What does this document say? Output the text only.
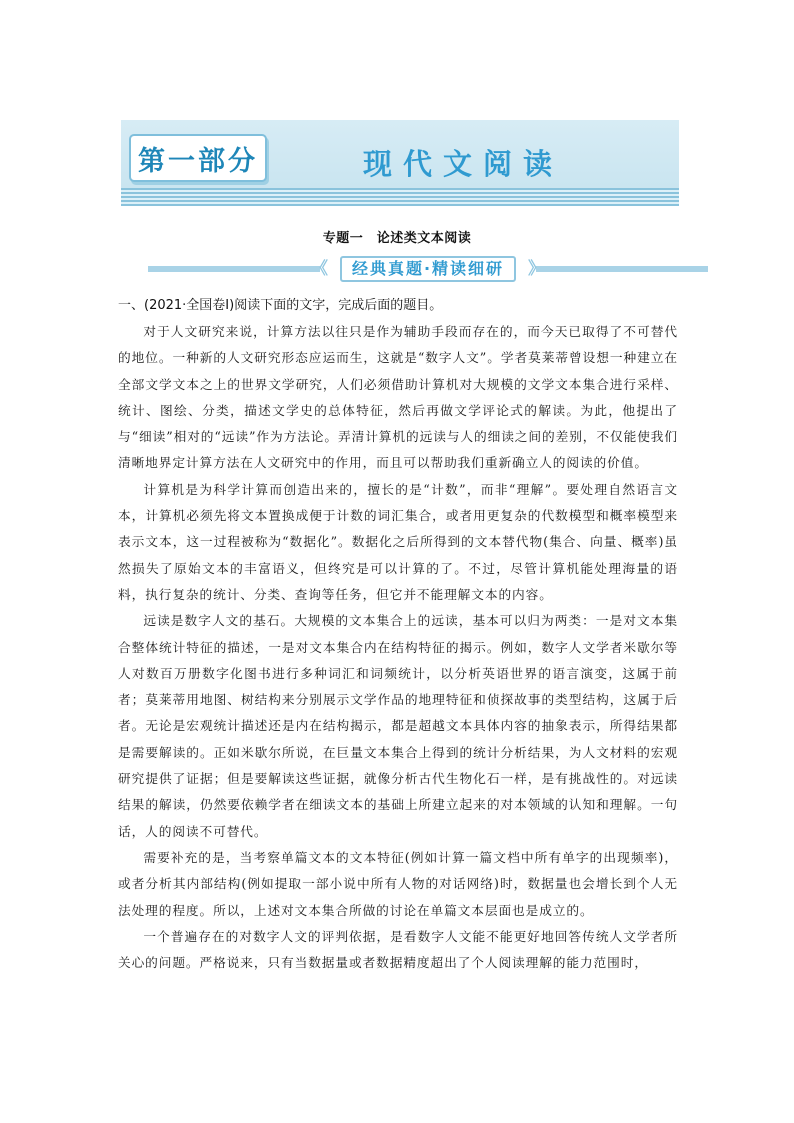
第一部分	现代文阅读
专题一　论述类文本阅读
《	经典真题·精读细研	》
一、(2021·全国卷Ⅰ)阅读下面的文字，完成后面的题目。

对于人文研究来说，计算方法以往只是作为辅助手段而存在的，而今天已取得了不可替代的地位。一种新的人文研究形态应运而生，这就是“数字人文”。学者莫莱蒂曾设想一种建立在全部文学文本之上的世界文学研究，人们必须借助计算机对大规模的文学文本集合进行采样、统计、图绘、分类，描述文学史的总体特征，然后再做文学评论式的解读。为此，他提出了与“细读”相对的“远读”作为方法论。弄清计算机的远读与人的细读之间的差别，不仅能使我们清晰地界定计算方法在人文研究中的作用，而且可以帮助我们重新确立人的阅读的价值。

计算机是为科学计算而创造出来的，擅长的是“计数”，而非“理解”。要处理自然语言文本，计算机必须先将文本置换成便于计数的词汇集合，或者用更复杂的代数模型和概率模型来表示文本，这一过程被称为“数据化”。数据化之后所得到的文本替代物(集合、向量、概率)虽然损失了原始文本的丰富语义，但终究是可以计算的了。不过，尽管计算机能处理海量的语料，执行复杂的统计、分类、查询等任务，但它并不能理解文本的内容。

远读是数字人文的基石。大规模的文本集合上的远读，基本可以归为两类：一是对文本集合整体统计特征的描述，一是对文本集合内在结构特征的揭示。例如，数字人文学者米歇尔等人对数百万册数字化图书进行多种词汇和词频统计，以分析英语世界的语言演变，这属于前者；莫莱蒂用地图、树结构来分别展示文学作品的地理特征和侦探故事的类型结构，这属于后者。无论是宏观统计描述还是内在结构揭示，都是超越文本具体内容的抽象表示，所得结果都是需要解读的。正如米歇尔所说，在巨量文本集合上得到的统计分析结果，为人文材料的宏观研究提供了证据；但是要解读这些证据，就像分析古代生物化石一样，是有挑战性的。对远读结果的解读，仍然要依赖学者在细读文本的基础上所建立起来的对本领域的认知和理解。一句话，人的阅读不可替代。

需要补充的是，当考察单篇文本的文本特征(例如计算一篇文档中所有单字的出现频率)，或者分析其内部结构(例如提取一部小说中所有人物的对话网络)时，数据量也会增长到个人无法处理的程度。所以，上述对文本集合所做的讨论在单篇文本层面也是成立的。

一个普遍存在的对数字人文的评判依据，是看数字人文能不能更好地回答传统人文学者所关心的问题。严格说来，只有当数据量或者数据精度超出了个人阅读理解的能力范围时，
